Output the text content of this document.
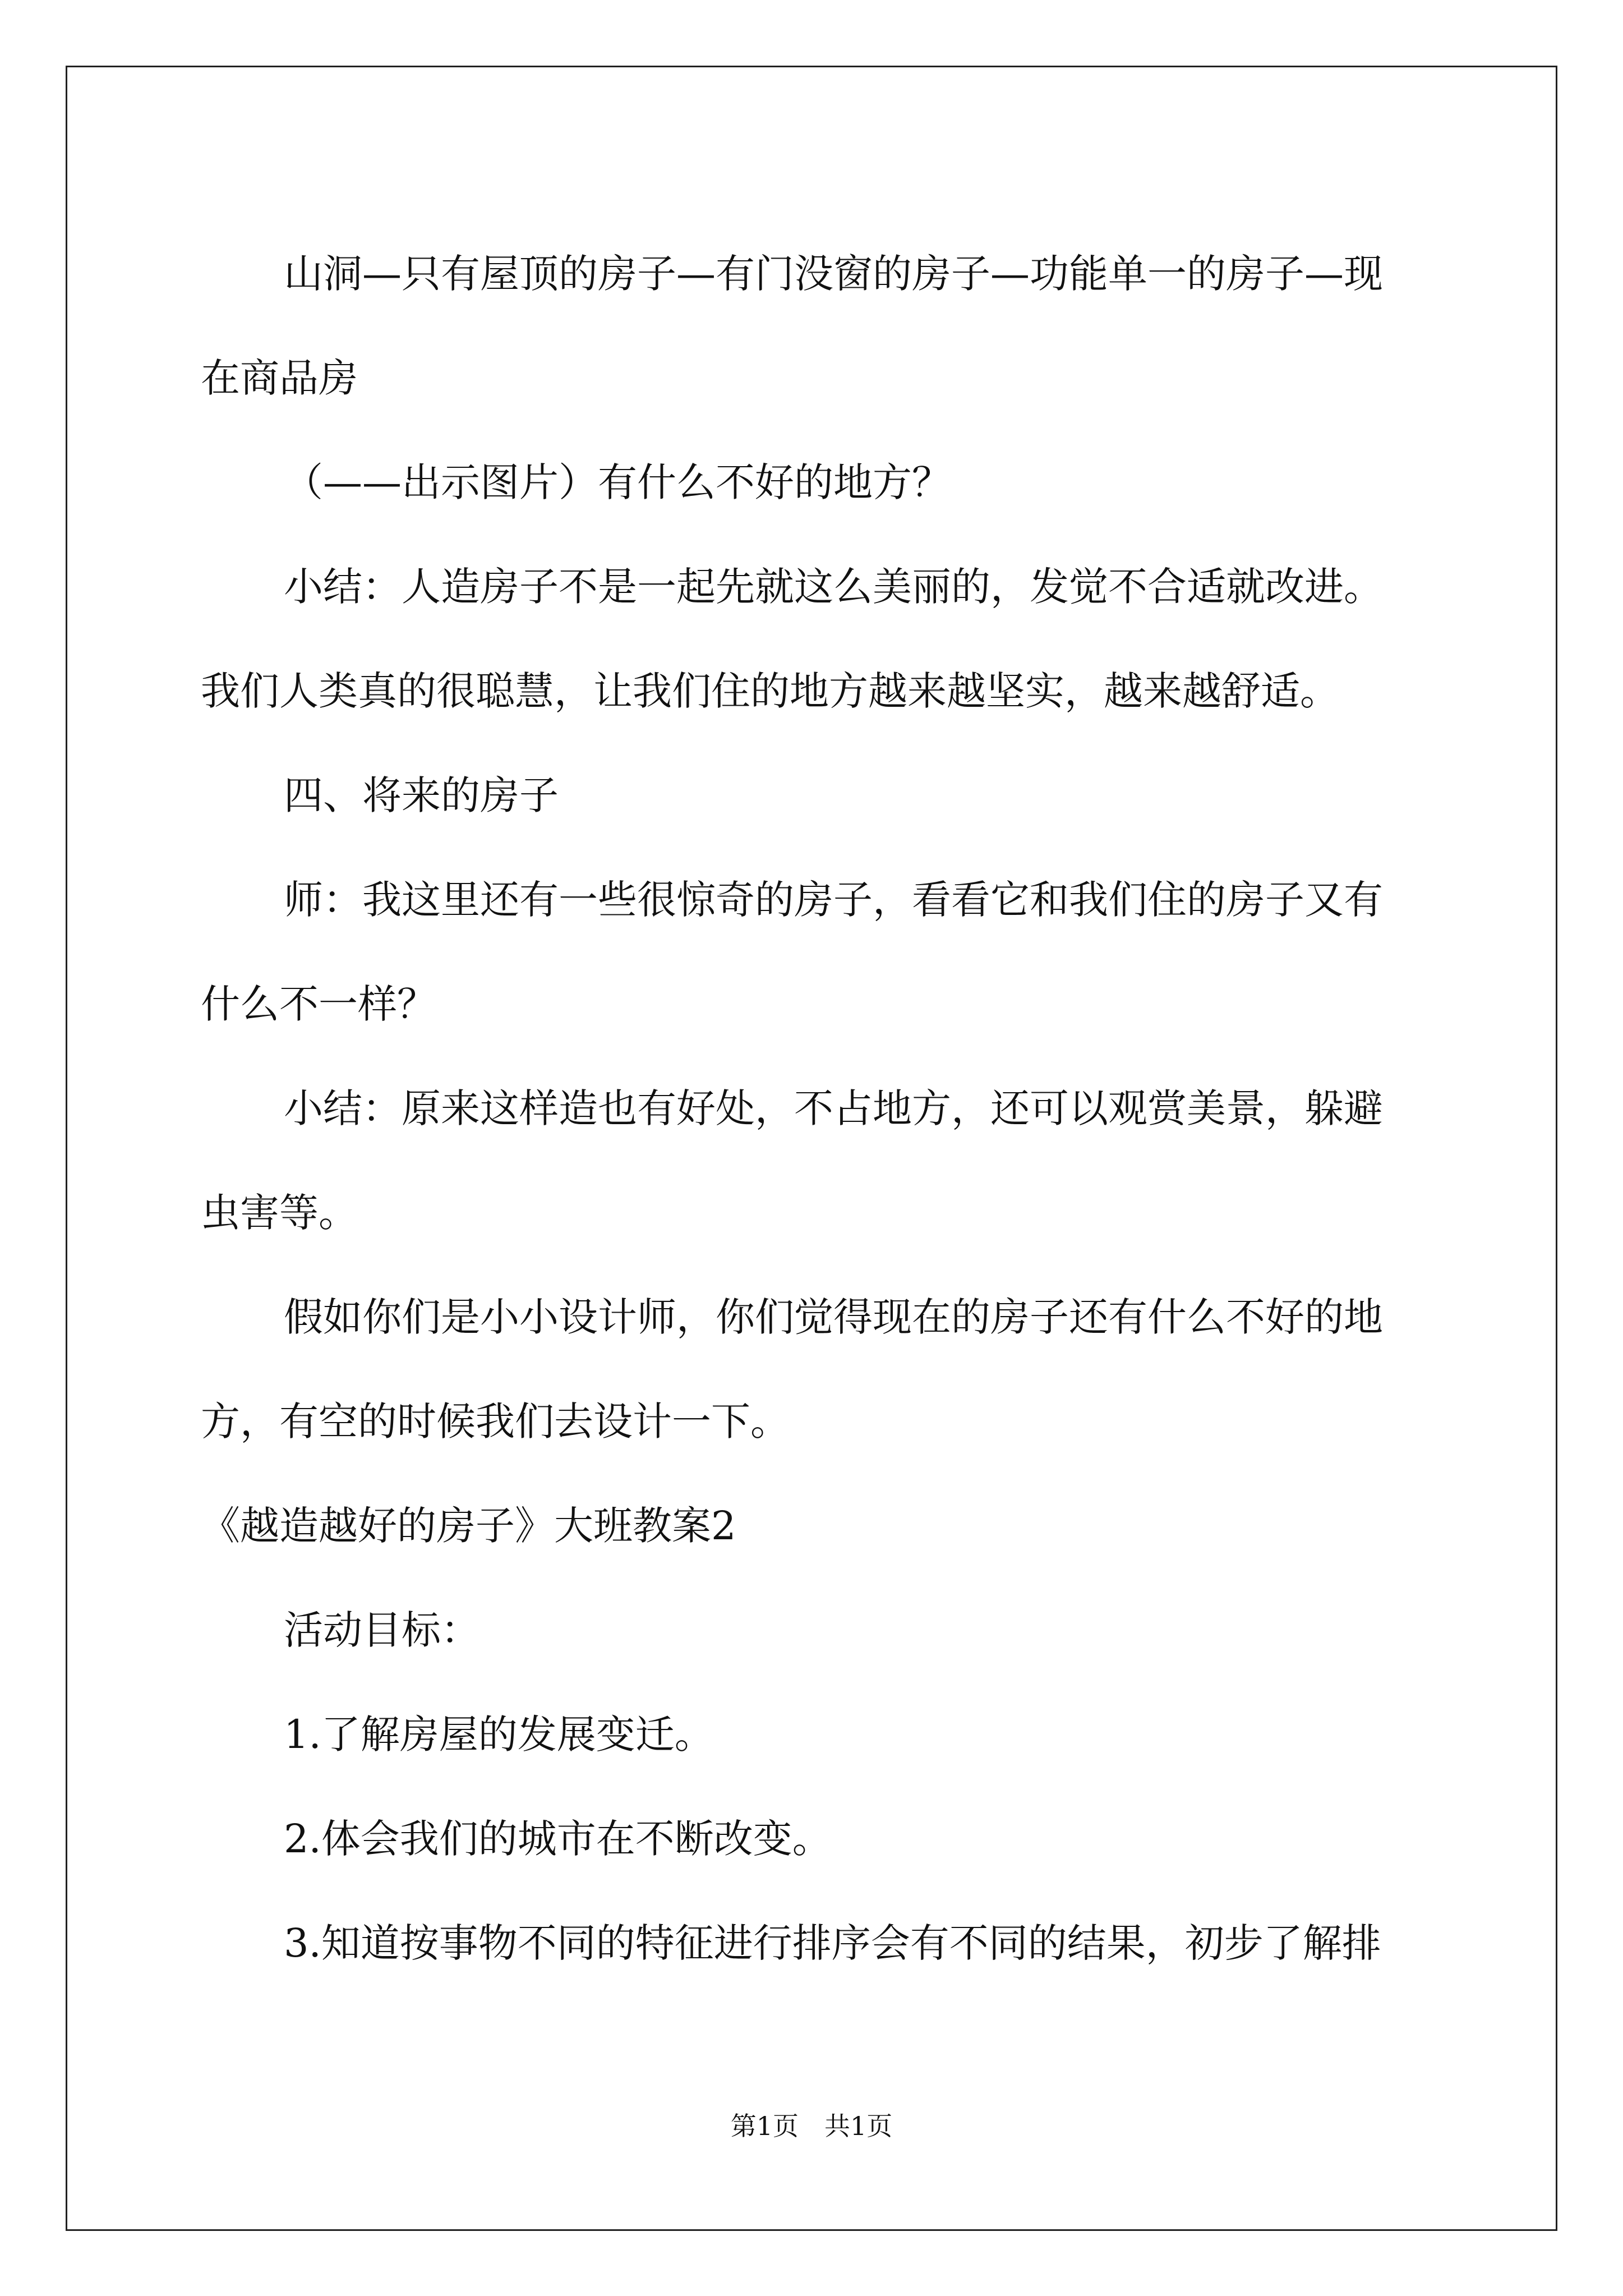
山洞—只有屋顶的房子—有门没窗的房子—功能单一的房子—现

在商品房

（——出示图片）有什么不好的地方？

小结：人造房子不是一起先就这么美丽的，发觉不合适就改进。

我们人类真的很聪慧，让我们住的地方越来越坚实，越来越舒适。

四、将来的房子

师：我这里还有一些很惊奇的房子，看看它和我们住的房子又有

什么不一样？

小结：原来这样造也有好处，不占地方，还可以观赏美景，躲避

虫害等。

假如你们是小小设计师，你们觉得现在的房子还有什么不好的地

方，有空的时候我们去设计一下。

《越造越好的房子》大班教案2

活动目标：

1.了解房屋的发展变迁。

2.体会我们的城市在不断改变。

3.知道按事物不同的特征进行排序会有不同的结果，初步了解排

第1页　共1页
